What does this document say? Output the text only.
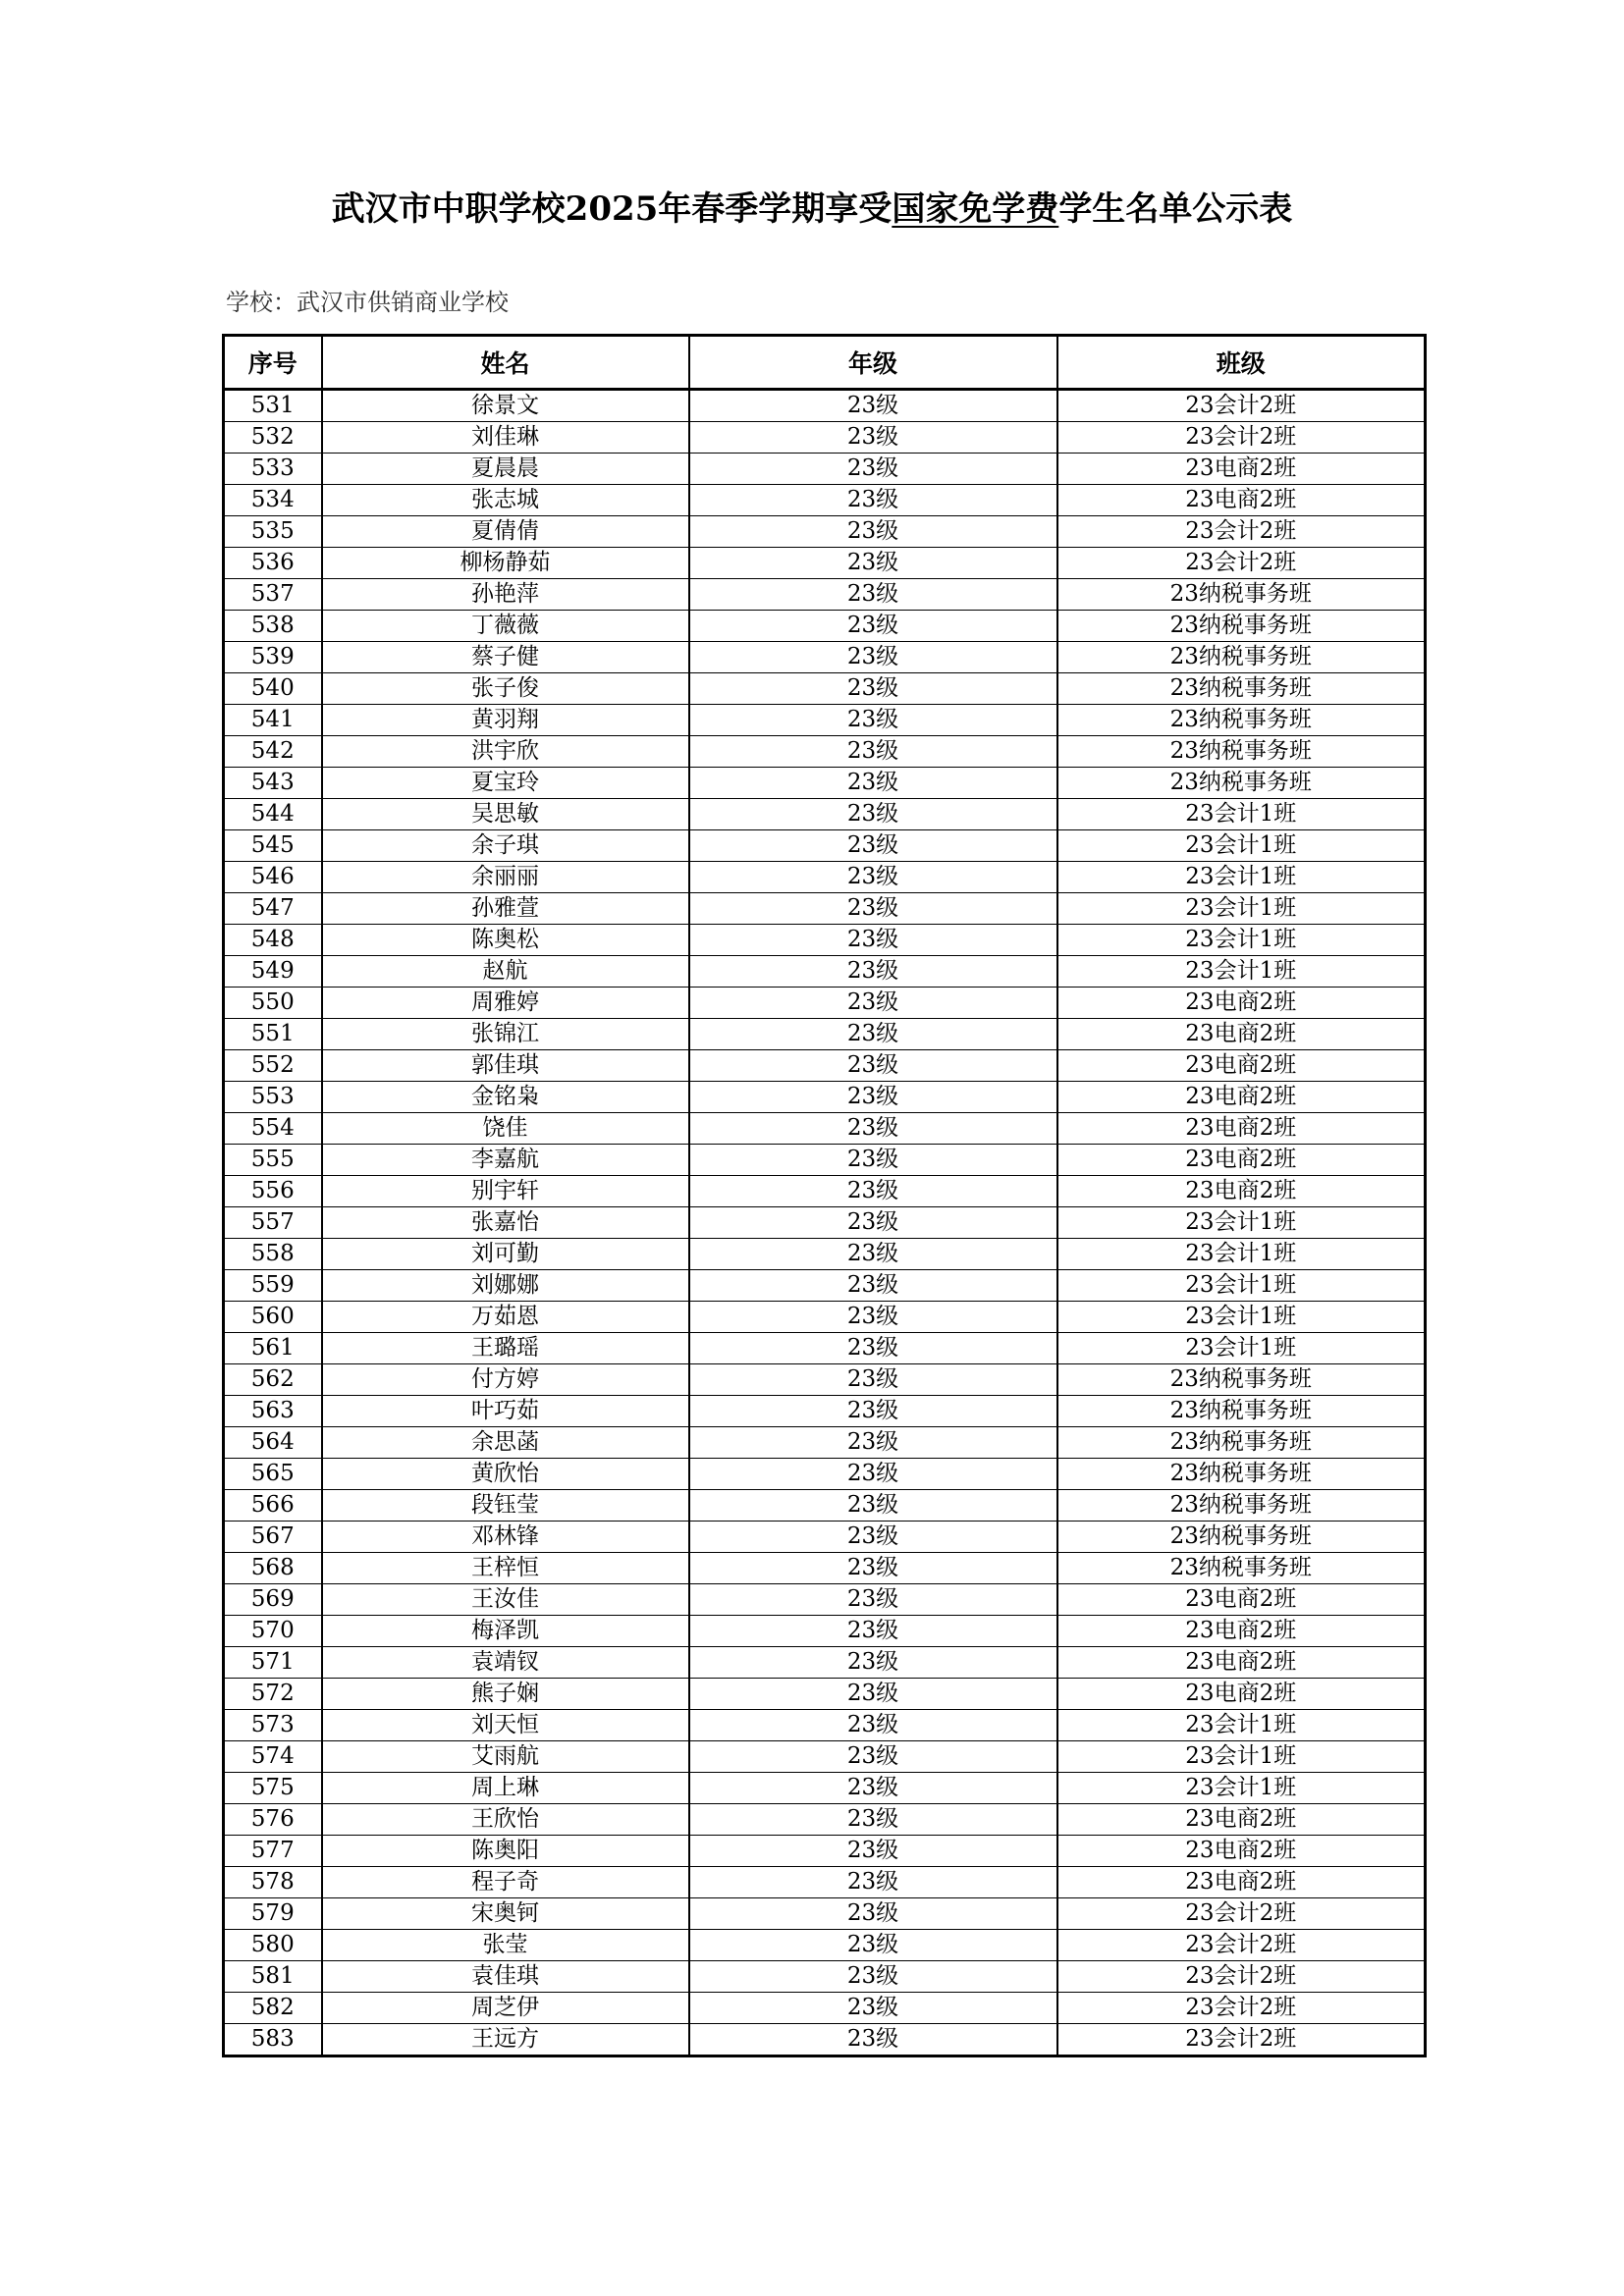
武汉市中职学校2025年春季学期享受国家免学费学生名单公示表
学校：武汉市供销商业学校
序号	姓名	年级	班级
531	徐景文	23级	23会计2班
532	刘佳琳	23级	23会计2班
533	夏晨晨	23级	23电商2班
534	张志城	23级	23电商2班
535	夏倩倩	23级	23会计2班
536	柳杨静茹	23级	23会计2班
537	孙艳萍	23级	23纳税事务班
538	丁薇薇	23级	23纳税事务班
539	蔡子健	23级	23纳税事务班
540	张子俊	23级	23纳税事务班
541	黄羽翔	23级	23纳税事务班
542	洪宇欣	23级	23纳税事务班
543	夏宝玲	23级	23纳税事务班
544	吴思敏	23级	23会计1班
545	余子琪	23级	23会计1班
546	余丽丽	23级	23会计1班
547	孙雅萱	23级	23会计1班
548	陈奥松	23级	23会计1班
549	赵航	23级	23会计1班
550	周雅婷	23级	23电商2班
551	张锦江	23级	23电商2班
552	郭佳琪	23级	23电商2班
553	金铭枭	23级	23电商2班
554	饶佳	23级	23电商2班
555	李嘉航	23级	23电商2班
556	别宇轩	23级	23电商2班
557	张嘉怡	23级	23会计1班
558	刘可勤	23级	23会计1班
559	刘娜娜	23级	23会计1班
560	万茹恩	23级	23会计1班
561	王璐瑶	23级	23会计1班
562	付方婷	23级	23纳税事务班
563	叶巧茹	23级	23纳税事务班
564	余思菡	23级	23纳税事务班
565	黄欣怡	23级	23纳税事务班
566	段钰莹	23级	23纳税事务班
567	邓林锋	23级	23纳税事务班
568	王梓恒	23级	23纳税事务班
569	王汝佳	23级	23电商2班
570	梅泽凯	23级	23电商2班
571	袁靖钗	23级	23电商2班
572	熊子娴	23级	23电商2班
573	刘天恒	23级	23会计1班
574	艾雨航	23级	23会计1班
575	周上琳	23级	23会计1班
576	王欣怡	23级	23电商2班
577	陈奥阳	23级	23电商2班
578	程子奇	23级	23电商2班
579	宋奥钶	23级	23会计2班
580	张莹	23级	23会计2班
581	袁佳琪	23级	23会计2班
582	周芝伊	23级	23会计2班
583	王远方	23级	23会计2班
